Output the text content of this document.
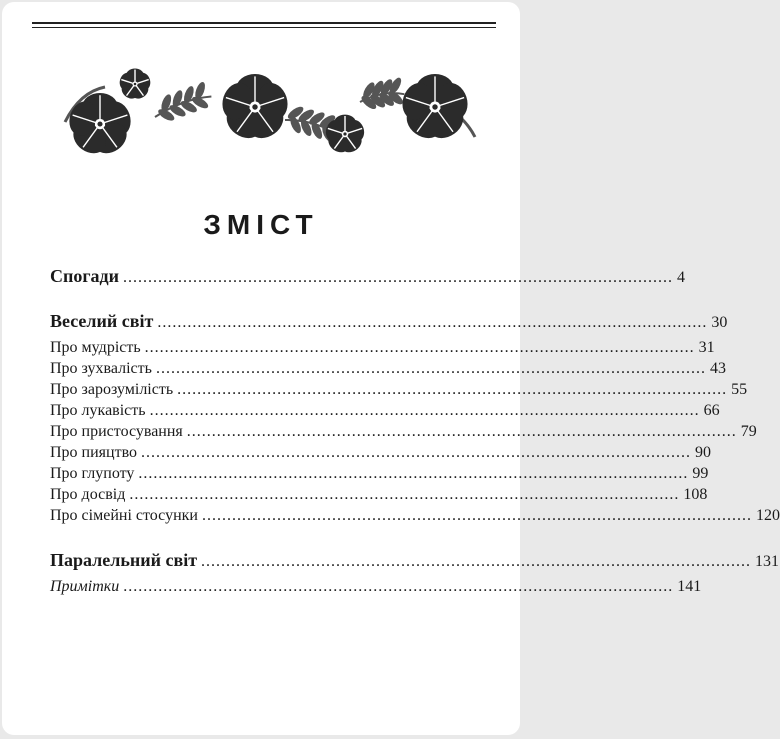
ЗМІСТ
Спогади .............................................................................................................. 4
Веселий світ .............................................................................................................. 30
Про мудрість .............................................................................................................. 31
Про зухвалість .............................................................................................................. 43
Про зарозумілість .............................................................................................................. 55
Про лукавість .............................................................................................................. 66
Про пристосування .............................................................................................................. 79
Про пияцтво .............................................................................................................. 90
Про глупоту .............................................................................................................. 99
Про досвід .............................................................................................................. 108
Про сімейні стосунки .............................................................................................................. 120
Паралельний світ .............................................................................................................. 131
Примітки .............................................................................................................. 141
